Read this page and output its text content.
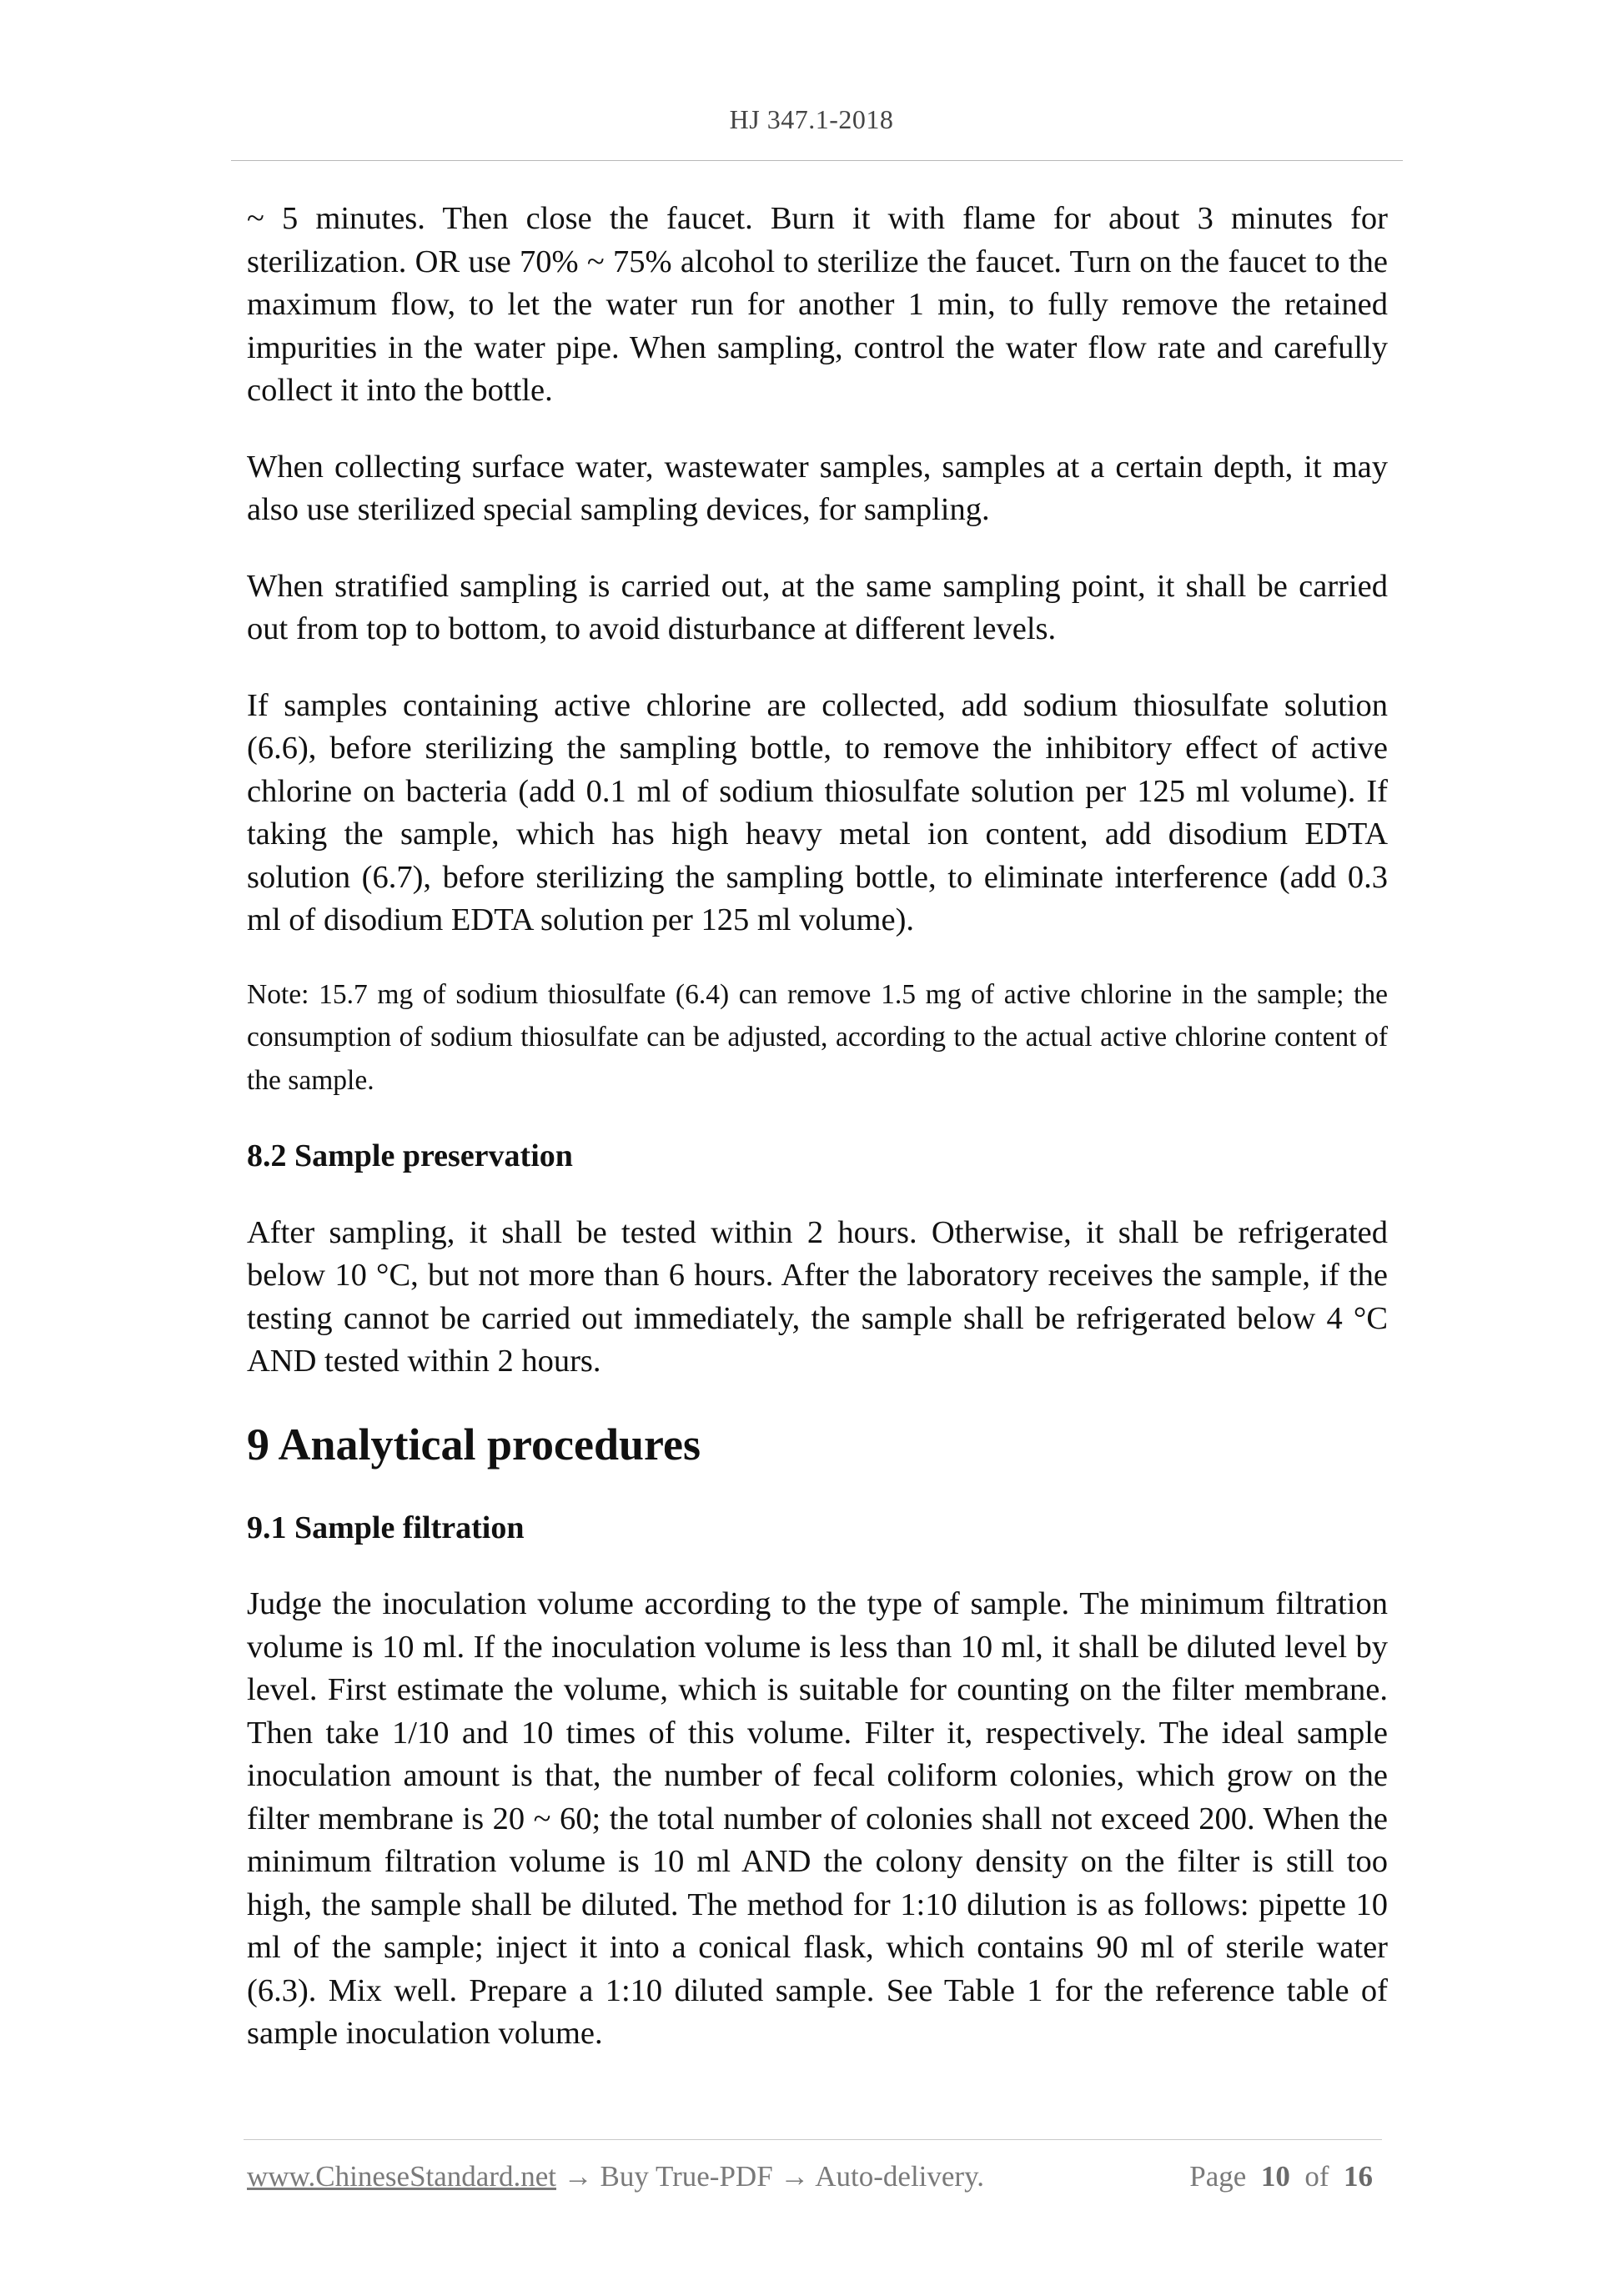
HJ 347.1-2018

~ 5 minutes. Then close the faucet. Burn it with flame for about 3 minutes for sterilization. OR use 70% ~ 75% alcohol to sterilize the faucet. Turn on the faucet to the maximum flow, to let the water run for another 1 min, to fully remove the retained impurities in the water pipe. When sampling, control the water flow rate and carefully collect it into the bottle.

When collecting surface water, wastewater samples, samples at a certain depth, it may also use sterilized special sampling devices, for sampling.

When stratified sampling is carried out, at the same sampling point, it shall be carried out from top to bottom, to avoid disturbance at different levels.

If samples containing active chlorine are collected, add sodium thiosulfate solution (6.6), before sterilizing the sampling bottle, to remove the inhibitory effect of active chlorine on bacteria (add 0.1 ml of sodium thiosulfate solution per 125 ml volume). If taking the sample, which has high heavy metal ion content, add disodium EDTA solution (6.7), before sterilizing the sampling bottle, to eliminate interference (add 0.3 ml of disodium EDTA solution per 125 ml volume).

Note: 15.7 mg of sodium thiosulfate (6.4) can remove 1.5 mg of active chlorine in the sample; the consumption of sodium thiosulfate can be adjusted, according to the actual active chlorine content of the sample.

8.2 Sample preservation

After sampling, it shall be tested within 2 hours. Otherwise, it shall be refrigerated below 10 °C, but not more than 6 hours. After the laboratory receives the sample, if the testing cannot be carried out immediately, the sample shall be refrigerated below 4 °C AND tested within 2 hours.

9 Analytical procedures
9.1 Sample filtration

Judge the inoculation volume according to the type of sample. The minimum filtration volume is 10 ml. If the inoculation volume is less than 10 ml, it shall be diluted level by level. First estimate the volume, which is suitable for counting on the filter membrane. Then take 1/10 and 10 times of this volume. Filter it, respectively. The ideal sample inoculation amount is that, the number of fecal coliform colonies, which grow on the filter membrane is 20 ~ 60; the total number of colonies shall not exceed 200. When the minimum filtration volume is 10 ml AND the colony density on the filter is still too high, the sample shall be diluted. The method for 1:10 dilution is as follows: pipette 10 ml of the sample; inject it into a conical flask, which contains 90 ml of sterile water (6.3). Mix well. Prepare a 1:10 diluted sample. See Table 1 for the reference table of sample inoculation volume.

www.ChineseStandard.net → Buy True-PDF → Auto-delivery.	Page 10 of 16
